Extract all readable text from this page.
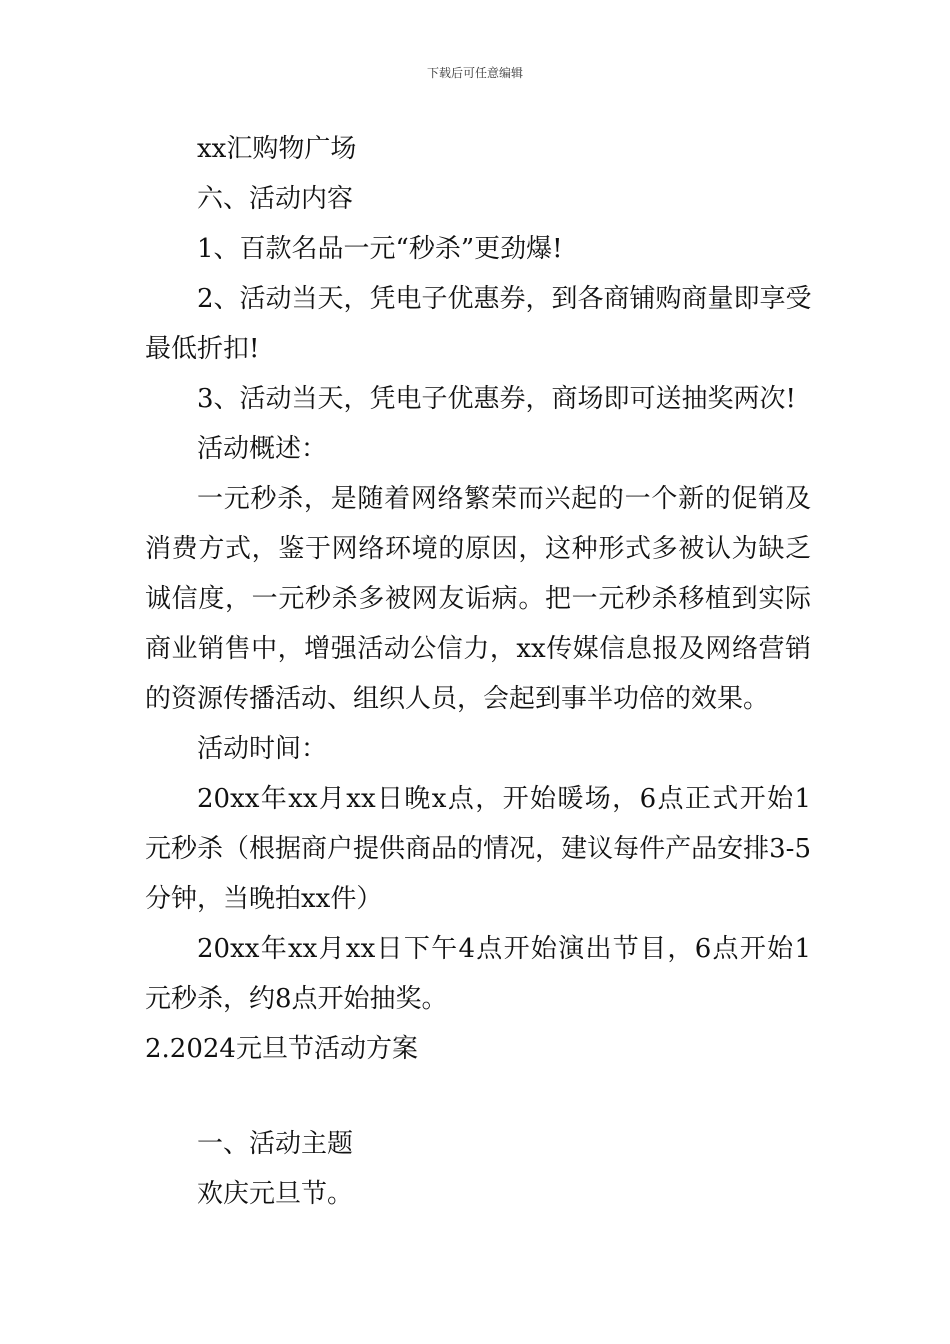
下载后可任意编辑
xx汇购物广场
六、活动内容
1、百款名品一元“秒杀”更劲爆!
2、活动当天，凭电子优惠券，到各商铺购商量即享受
最低折扣!
3、活动当天，凭电子优惠券，商场即可送抽奖两次!
活动概述：
一元秒杀，是随着网络繁荣而兴起的一个新的促销及
消费方式，鉴于网络环境的原因，这种形式多被认为缺乏
诚信度，一元秒杀多被网友诟病。把一元秒杀移植到实际
商业销售中，增强活动公信力，xx传媒信息报及网络营销
的资源传播活动、组织人员，会起到事半功倍的效果。
活动时间：
20xx年xx月xx日晚x点，开始暖场，6点正式开始1
元秒杀（根据商户提供商品的情况，建议每件产品安排3-5
分钟，当晚拍xx件）
20xx年xx月xx日下午4点开始演出节目，6点开始1
元秒杀，约8点开始抽奖。
2.2024元旦节活动方案
一、活动主题
欢庆元旦节。
